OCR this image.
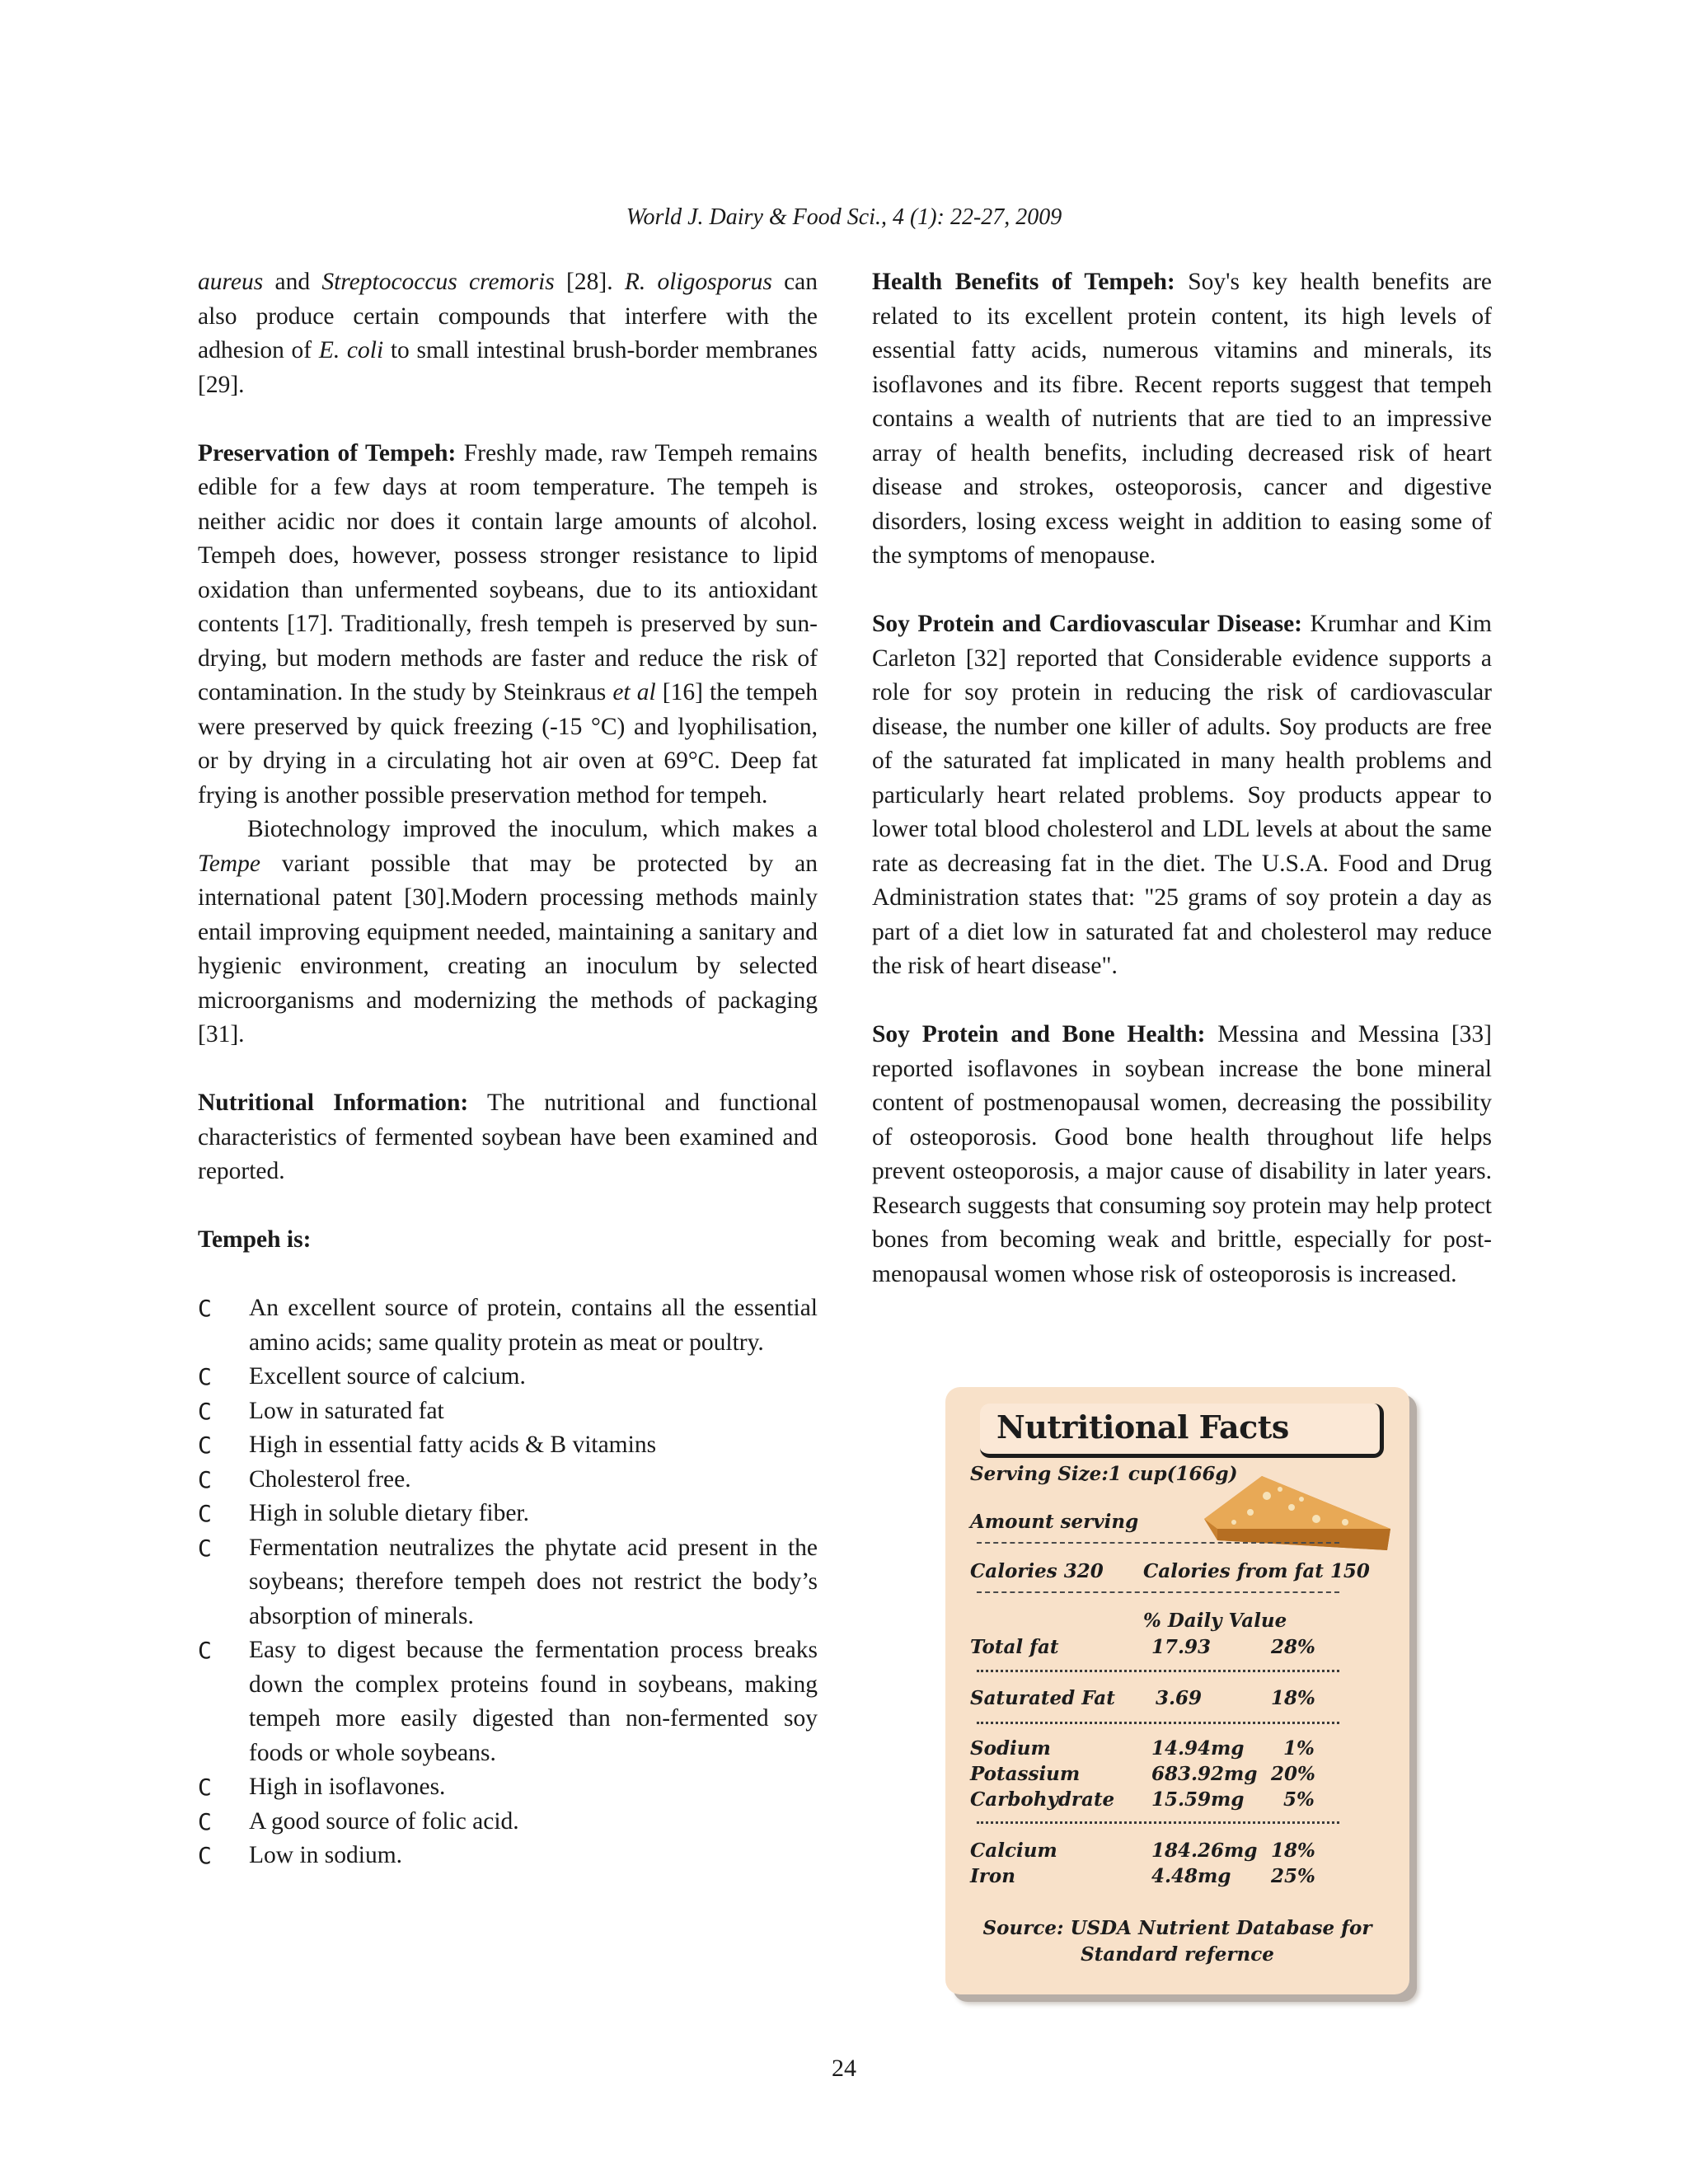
World J. Dairy & Food Sci., 4 (1): 22-27, 2009

aureus and Streptococcus cremoris [28]. R. oligosporus can also produce certain compounds that interfere with the adhesion of E. coli to small intestinal brush-border membranes [29].

Preservation of Tempeh: Freshly made, raw Tempeh remains edible for a few days at room temperature. The tempeh is neither acidic nor does it contain large amounts of alcohol. Tempeh does, however, possess stronger resistance to lipid oxidation than unfermented soybeans, due to its antioxidant contents [17]. Traditionally, fresh tempeh is preserved by sun-drying, but modern methods are faster and reduce the risk of contamination. In the study by Steinkraus et al [16] the tempeh were preserved by quick freezing (-15 °C) and lyophilisation, or by drying in a circulating hot air oven at 69°C. Deep fat frying is another possible preservation method for tempeh.

Biotechnology improved the inoculum, which makes a Tempe variant possible that may be protected by an international patent [30].Modern processing methods mainly entail improving equipment needed, maintaining a sanitary and hygienic environment, creating an inoculum by selected microorganisms and modernizing the methods of packaging [31].

Nutritional Information: The nutritional and functional characteristics of fermented soybean have been examined and reported.

Tempeh is:

C An excellent source of protein, contains all the essential amino acids; same quality protein as meat or poultry.
C Excellent source of calcium.
C Low in saturated fat
C High in essential fatty acids & B vitamins
C Cholesterol free.
C High in soluble dietary fiber.
C Fermentation neutralizes the phytate acid present in the soybeans; therefore tempeh does not restrict the body’s absorption of minerals.
C Easy to digest because the fermentation process breaks down the complex proteins found in soybeans, making tempeh more easily digested than non-fermented soy foods or whole soybeans.
C High in isoflavones.
C A good source of folic acid.
C Low in sodium.

Health Benefits of Tempeh: Soy's key health benefits are related to its excellent protein content, its high levels of essential fatty acids, numerous vitamins and minerals, its isoflavones and its fibre. Recent reports suggest that tempeh contains a wealth of nutrients that are tied to an impressive array of health benefits, including decreased risk of heart disease and strokes, osteoporosis, cancer and digestive disorders, losing excess weight in addition to easing some of the symptoms of menopause.

Soy Protein and Cardiovascular Disease: Krumhar and Kim Carleton [32] reported that Considerable evidence supports a role for soy protein in reducing the risk of cardiovascular disease, the number one killer of adults. Soy products are free of the saturated fat implicated in many health problems and particularly heart related problems. Soy products appear to lower total blood cholesterol and LDL levels at about the same rate as decreasing fat in the diet. The U.S.A. Food and Drug Administration states that: "25 grams of soy protein a day as part of a diet low in saturated fat and cholesterol may reduce the risk of heart disease".

Soy Protein and Bone Health: Messina and Messina [33] reported isoflavones in soybean increase the bone mineral content of postmenopausal women, decreasing the possibility of osteoporosis. Good bone health throughout life helps prevent osteoporosis, a major cause of disability in later years. Research suggests that consuming soy protein may help protect bones from becoming weak and brittle, especially for post-menopausal women whose risk of osteoporosis is increased.

Nutritional Facts
Serving Size:1 cup(166g)
Amount serving
Calories 320 Calories from fat 150
% Daily Value
Total fat	17.93	28%
Saturated Fat 3.69	18%
Sodium	14.94mg 1%
Potassium	683.92mg 20%
Carbohydrate 15.59mg 5%
Calcium	184.26mg 18%
Iron	4.48mg 25%
Source: USDA Nutrient Database for
Standard refernce
24
